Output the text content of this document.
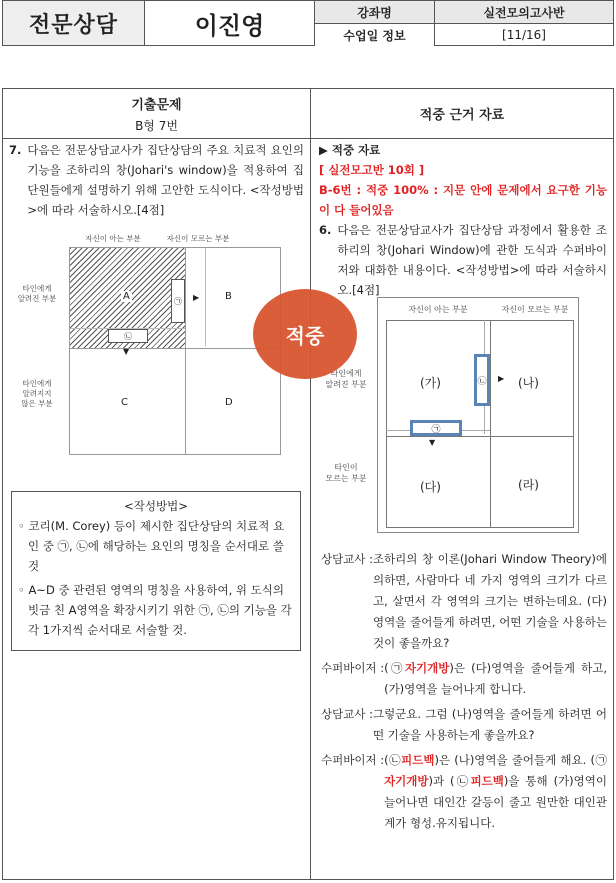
전문상담	이진영	강좌명	실전모의고사반
수업일 정보	[11/16]
기출문제
B형 7번
7. 다음은 전문상담교사가 집단상담의 주요 치료적 요인의 기능을 조하리의 창(Johari's window)을 적용하여 집단원들에게 설명하기 위해 고안한 도식이다. <작성방법>에 따라 서술하시오.[4점]
자신이 아는 부분	자신이 모르는 부분
타인에게
알려진 부분
타인에게
알려지지
않은 부분
A	B
C	D
㉠	▶
㉡
▼
<작성방법>
◦ 코리(M. Corey) 등이 제시한 집단상담의 치료적 요인 중 ㉠, ㉡에 해당하는 요인의 명칭을 순서대로 쓸 것
◦ A~D 중 관련된 영역의 명칭을 사용하여, 위 도식의 빗금 친 A영역을 확장시키기 위한 ㉠, ㉡의 기능을 각각 1가지씩 순서대로 서술할 것.
적중 근거 자료
▶ 적중 자료
[ 실전모고반 10회 ]
B-6번 : 적중 100% : 지문 안에 문제에서 요구한 기능이 다 들어있음
6. 다음은 전문상담교사가 집단상담 과정에서 활용한 조하리의 창(Johari Window)에 관한 도식과 수퍼바이저와 대화한 내용이다. <작성방법>에 따라 서술하시오.[4점]
자신이 아는 부분	자신이 모르는 부분
타인에게
알려진 부분
타인이
모르는 부분
(가)	(나)
(다)	(라)
㉡	▶
㉠
▼
상담교사 : 조하리의 창 이론(Johari Window Theory)에 의하면, 사람마다 네 가지 영역의 크기가 다르고, 살면서 각 영역의 크기는 변하는데요. (다)영역을 줄어들게 하려면, 어떤 기술을 사용하는 것이 좋을까요?
수퍼바이저 : (㉠자기개방)은 (다)영역을 줄어들게 하고, (가)영역을 늘어나게 합니다.
상담교사 : 그렇군요. 그럼 (나)영역을 줄어들게 하려면 어떤 기술을 사용하는게 좋을까요?
수퍼바이저 : (㉡피드백)은 (나)영역을 줄어들게 해요. (㉠자기개방)과 (㉡피드백)을 통해 (가)영역이 늘어나면 대인간 갈등이 줄고 원만한 대인관계가 형성.유지됩니다.
적중
